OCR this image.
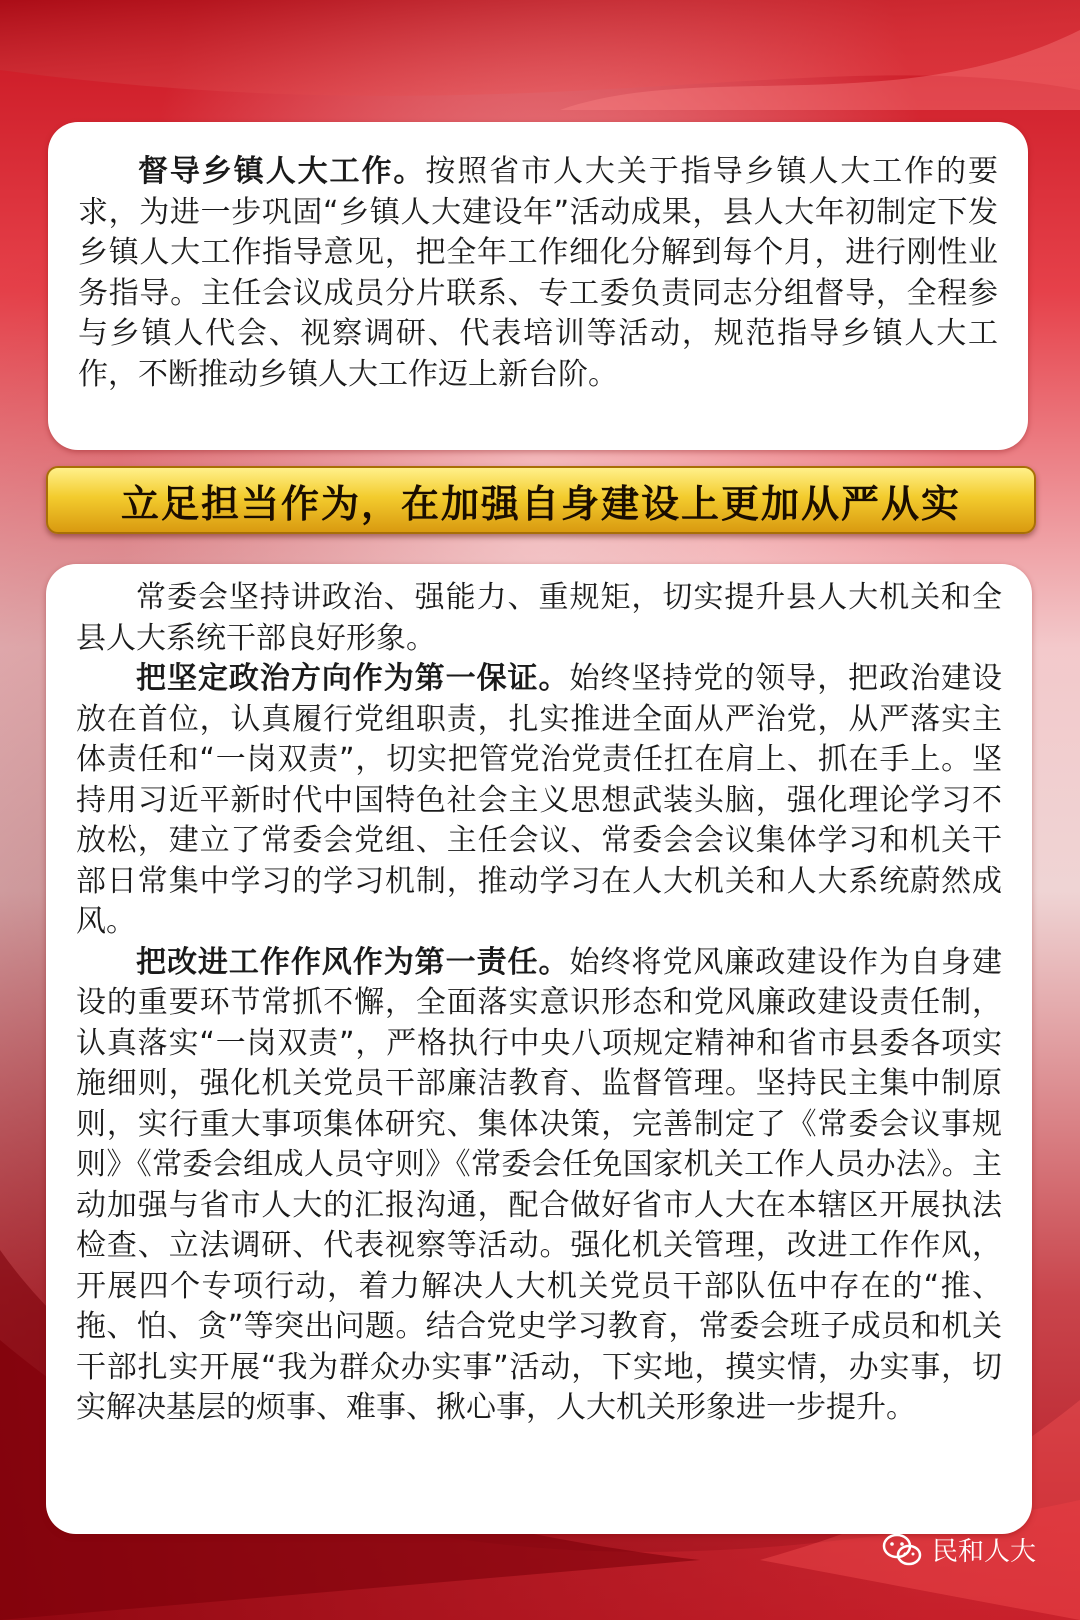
督导乡镇人大工作。按照省市人大关于指导乡镇人大工作的要求，为进一步巩固“乡镇人大建设年”活动成果，县人大年初制定下发乡镇人大工作指导意见，把全年工作细化分解到每个月，进行刚性业务指导。主任会议成员分片联系、专工委负责同志分组督导，全程参与乡镇人代会、视察调研、代表培训等活动，规范指导乡镇人大工作，不断推动乡镇人大工作迈上新台阶。

立足担当作为，在加强自身建设上更加从严从实

常委会坚持讲政治、强能力、重规矩，切实提升县人大机关和全县人大系统干部良好形象。

把坚定政治方向作为第一保证。始终坚持党的领导，把政治建设放在首位，认真履行党组职责，扎实推进全面从严治党，从严落实主体责任和“一岗双责”，切实把管党治党责任扛在肩上、抓在手上。坚持用习近平新时代中国特色社会主义思想武装头脑，强化理论学习不放松，建立了常委会党组、主任会议、常委会会议集体学习和机关干部日常集中学习的学习机制，推动学习在人大机关和人大系统蔚然成风。

把改进工作作风作为第一责任。始终将党风廉政建设作为自身建设的重要环节常抓不懈，全面落实意识形态和党风廉政建设责任制，认真落实“一岗双责”，严格执行中央八项规定精神和省市县委各项实施细则，强化机关党员干部廉洁教育、监督管理。坚持民主集中制原则，实行重大事项集体研究、集体决策，完善制定了《常委会议事规则》《常委会组成人员守则》《常委会任免国家机关工作人员办法》。主动加强与省市人大的汇报沟通，配合做好省市人大在本辖区开展执法检查、立法调研、代表视察等活动。强化机关管理，改进工作作风，开展四个专项行动，着力解决人大机关党员干部队伍中存在的“推、拖、怕、贪”等突出问题。结合党史学习教育，常委会班子成员和机关干部扎实开展“我为群众办实事”活动，下实地，摸实情，办实事，切实解决基层的烦事、难事、揪心事，人大机关形象进一步提升。

民和人大
